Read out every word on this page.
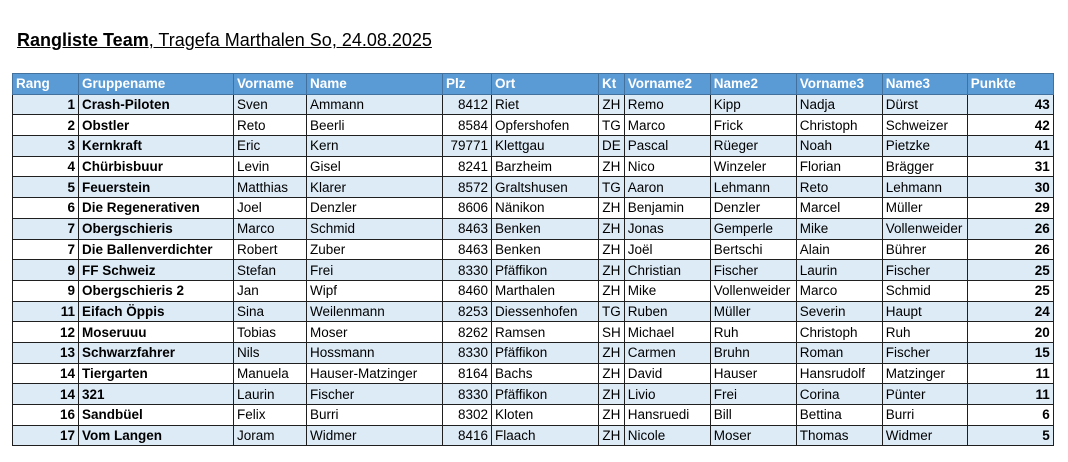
Rangliste Team, Tragefa Marthalen So, 24.08.2025
Rang	Gruppename	Vorname	Name	Plz	Ort	Kt	Vorname2	Name2	Vorname3	Name3	Punkte
1	Crash-Piloten	Sven	Ammann	8412	Riet	ZH	Remo	Kipp	Nadja	Dürst	43
2	Obstler	Reto	Beerli	8584	Opfershofen	TG	Marco	Frick	Christoph	Schweizer	42
3	Kernkraft	Eric	Kern	79771	Klettgau	DE	Pascal	Rüeger	Noah	Pietzke	41
4	Chürbisbuur	Levin	Gisel	8241	Barzheim	ZH	Nico	Winzeler	Florian	Brägger	31
5	Feuerstein	Matthias	Klarer	8572	Graltshusen	TG	Aaron	Lehmann	Reto	Lehmann	30
6	Die Regenerativen	Joel	Denzler	8606	Nänikon	ZH	Benjamin	Denzler	Marcel	Müller	29
7	Obergschieris	Marco	Schmid	8463	Benken	ZH	Jonas	Gemperle	Mike	Vollenweider	26
7	Die Ballenverdichter	Robert	Zuber	8463	Benken	ZH	Joël	Bertschi	Alain	Bührer	26
9	FF Schweiz	Stefan	Frei	8330	Pfäffikon	ZH	Christian	Fischer	Laurin	Fischer	25
9	Obergschieris 2	Jan	Wipf	8460	Marthalen	ZH	Mike	Vollenweider	Marco	Schmid	25
11	Eifach Öppis	Sina	Weilenmann	8253	Diessenhofen	TG	Ruben	Müller	Severin	Haupt	24
12	Moseruuu	Tobias	Moser	8262	Ramsen	SH	Michael	Ruh	Christoph	Ruh	20
13	Schwarzfahrer	Nils	Hossmann	8330	Pfäffikon	ZH	Carmen	Bruhn	Roman	Fischer	15
14	Tiergarten	Manuela	Hauser-Matzinger	8164	Bachs	ZH	David	Hauser	Hansrudolf	Matzinger	11
14	321	Laurin	Fischer	8330	Pfäffikon	ZH	Livio	Frei	Corina	Pünter	11
16	Sandbüel	Felix	Burri	8302	Kloten	ZH	Hansruedi	Bill	Bettina	Burri	6
17	Vom Langen	Joram	Widmer	8416	Flaach	ZH	Nicole	Moser	Thomas	Widmer	5
